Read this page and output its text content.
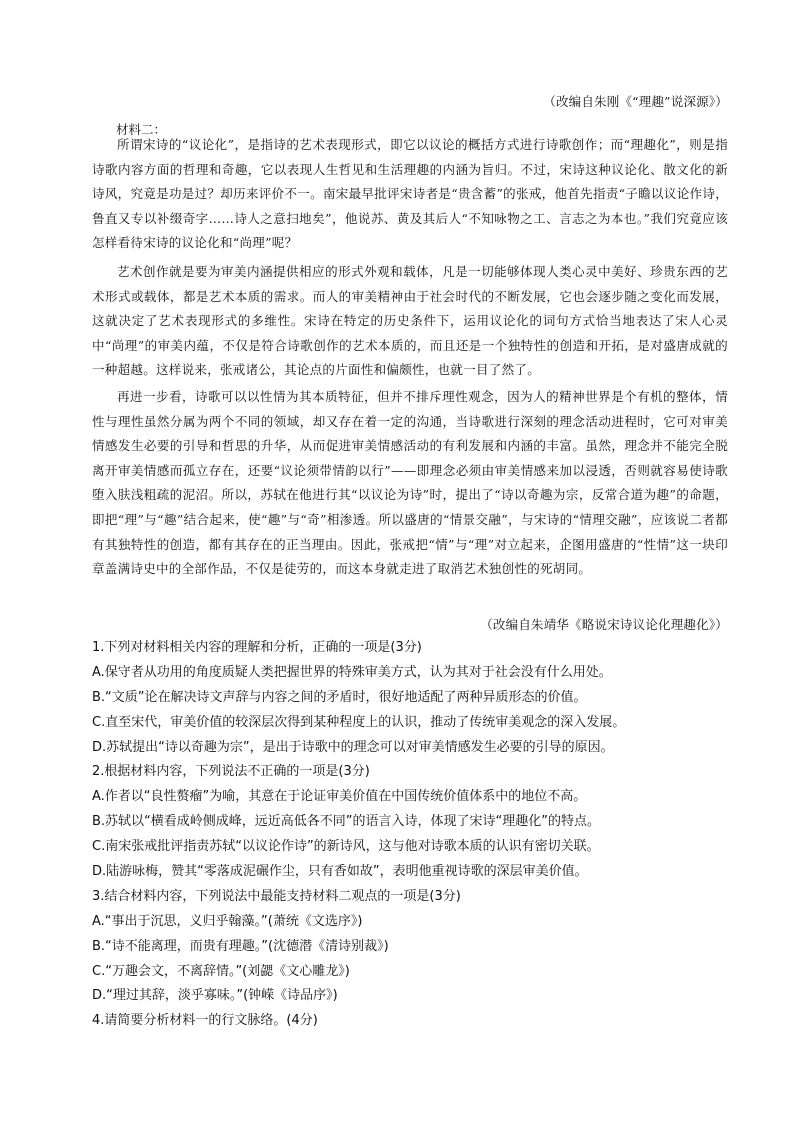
（改编自朱刚《“理趣”说深源》）
材料二：

所谓宋诗的“议论化”，是指诗的艺术表现形式，即它以议论的概括方式进行诗歌创作；而“理趣化”，则是指诗歌内容方面的哲理和奇趣，它以表现人生哲见和生活理趣的内涵为旨归。不过，宋诗这种议论化、散文化的新诗风，究竟是功是过？却历来评价不一。南宋最早批评宋诗者是“贵含蓄”的张戒，他首先指责“子瞻以议论作诗，鲁直又专以补缀奇字……诗人之意扫地矣”，他说苏、黄及其后人“不知咏物之工、言志之为本也。”我们究竟应该怎样看待宋诗的议论化和“尚理”呢？

艺术创作就是要为审美内涵提供相应的形式外观和载体，凡是一切能够体现人类心灵中美好、珍贵东西的艺术形式或载体，都是艺术本质的需求。而人的审美精神由于社会时代的不断发展，它也会逐步随之变化而发展，这就决定了艺术表现形式的多维性。宋诗在特定的历史条件下，运用议论化的词句方式恰当地表达了宋人心灵中“尚理”的审美内蕴，不仅是符合诗歌创作的艺术本质的，而且还是一个独特性的创造和开拓，是对盛唐成就的一种超越。这样说来，张戒诸公，其论点的片面性和偏颇性，也就一目了然了。

再进一步看，诗歌可以以性情为其本质特征，但并不排斥理性观念，因为人的精神世界是个有机的整体，情性与理性虽然分属为两个不同的领域，却又存在着一定的沟通，当诗歌进行深刻的理念活动进程时，它可对审美情感发生必要的引导和哲思的升华，从而促进审美情感活动的有利发展和内涵的丰富。虽然，理念并不能完全脱离开审美情感而孤立存在，还要“议论须带情韵以行”——即理念必须由审美情感来加以浸透，否则就容易使诗歌堕入肤浅粗疏的泥沼。所以，苏轼在他进行其“以议论为诗”时，提出了“诗以奇趣为宗，反常合道为趣”的命题，即把“理”与“趣”结合起来，使“趣”与“奇”相渗透。所以盛唐的“情景交融”，与宋诗的“情理交融”，应该说二者都有其独特性的创造，都有其存在的正当理由。因此，张戒把“情”与“理”对立起来，企图用盛唐的“性情”这一块印章盖满诗史中的全部作品，不仅是徒劳的，而这本身就走进了取消艺术独创性的死胡同。

（改编自朱靖华《略说宋诗议论化理趣化》）
1.下列对材料相关内容的理解和分析，正确的一项是(3分)
A.保守者从功用的角度质疑人类把握世界的特殊审美方式，认为其对于社会没有什么用处。
B.“文质”论在解决诗文声辞与内容之间的矛盾时，很好地适配了两种异质形态的价值。
C.直至宋代，审美价值的较深层次得到某种程度上的认识，推动了传统审美观念的深入发展。
D.苏轼提出“诗以奇趣为宗”，是出于诗歌中的理念可以对审美情感发生必要的引导的原因。
2.根据材料内容，下列说法不正确的一项是(3分)
A.作者以“良性赘瘤”为喻，其意在于论证审美价值在中国传统价值体系中的地位不高。
B.苏轼以“横看成岭侧成峰，远近高低各不同”的语言入诗，体现了宋诗“理趣化”的特点。
C.南宋张戒批评指责苏轼“以议论作诗”的新诗风，这与他对诗歌本质的认识有密切关联。
D.陆游咏梅，赞其“零落成泥碾作尘，只有香如故”，表明他重视诗歌的深层审美价值。
3.结合材料内容，下列说法中最能支持材料二观点的一项是(3分)
A.“事出于沉思，义归乎翰藻。”(萧统《文选序》)
B.“诗不能离理，而贵有理趣。”(沈德潜《清诗别裁》)
C.“万趣会文，不离辞情。”(刘勰《文心雕龙》)
D.“理过其辞，淡乎寡味。”(钟嵘《诗品序》)
4.请简要分析材料一的行文脉络。(4分)
